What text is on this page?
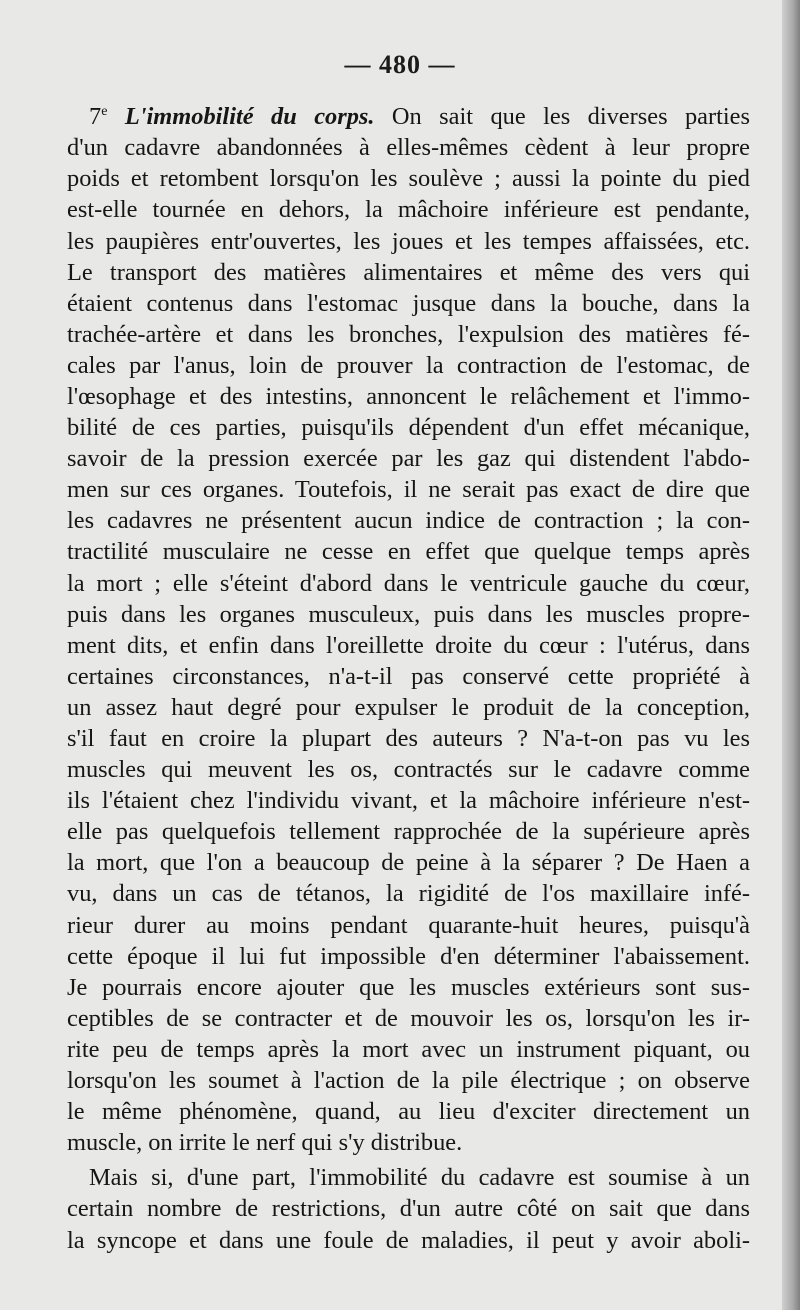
— 480 —
7e L'immobilité du corps. On sait que les diverses parties
d'un cadavre abandonnées à elles-mêmes cèdent à leur propre
poids et retombent lorsqu'on les soulève ; aussi la pointe du pied
est-elle tournée en dehors, la mâchoire inférieure est pendante,
les paupières entr'ouvertes, les joues et les tempes affaissées, etc.
Le transport des matières alimentaires et même des vers qui
étaient contenus dans l'estomac jusque dans la bouche, dans la
trachée-artère et dans les bronches, l'expulsion des matières fé-
cales par l'anus, loin de prouver la contraction de l'estomac, de
l'œsophage et des intestins, annoncent le relâchement et l'immo-
bilité de ces parties, puisqu'ils dépendent d'un effet mécanique,
savoir de la pression exercée par les gaz qui distendent l'abdo-
men sur ces organes. Toutefois, il ne serait pas exact de dire que
les cadavres ne présentent aucun indice de contraction ; la con-
tractilité musculaire ne cesse en effet que quelque temps après
la mort ; elle s'éteint d'abord dans le ventricule gauche du cœur,
puis dans les organes musculeux, puis dans les muscles propre-
ment dits, et enfin dans l'oreillette droite du cœur : l'utérus, dans
certaines circonstances, n'a-t-il pas conservé cette propriété à
un assez haut degré pour expulser le produit de la conception,
s'il faut en croire la plupart des auteurs ? N'a-t-on pas vu les
muscles qui meuvent les os, contractés sur le cadavre comme
ils l'étaient chez l'individu vivant, et la mâchoire inférieure n'est-
elle pas quelquefois tellement rapprochée de la supérieure après
la mort, que l'on a beaucoup de peine à la séparer ? De Haen a
vu, dans un cas de tétanos, la rigidité de l'os maxillaire infé-
rieur durer au moins pendant quarante-huit heures, puisqu'à
cette époque il lui fut impossible d'en déterminer l'abaissement.
Je pourrais encore ajouter que les muscles extérieurs sont sus-
ceptibles de se contracter et de mouvoir les os, lorsqu'on les ir-
rite peu de temps après la mort avec un instrument piquant, ou
lorsqu'on les soumet à l'action de la pile électrique ; on observe
le même phénomène, quand, au lieu d'exciter directement un
muscle, on irrite le nerf qui s'y distribue.
Mais si, d'une part, l'immobilité du cadavre est soumise à un
certain nombre de restrictions, d'un autre côté on sait que dans
la syncope et dans une foule de maladies, il peut y avoir aboli-
